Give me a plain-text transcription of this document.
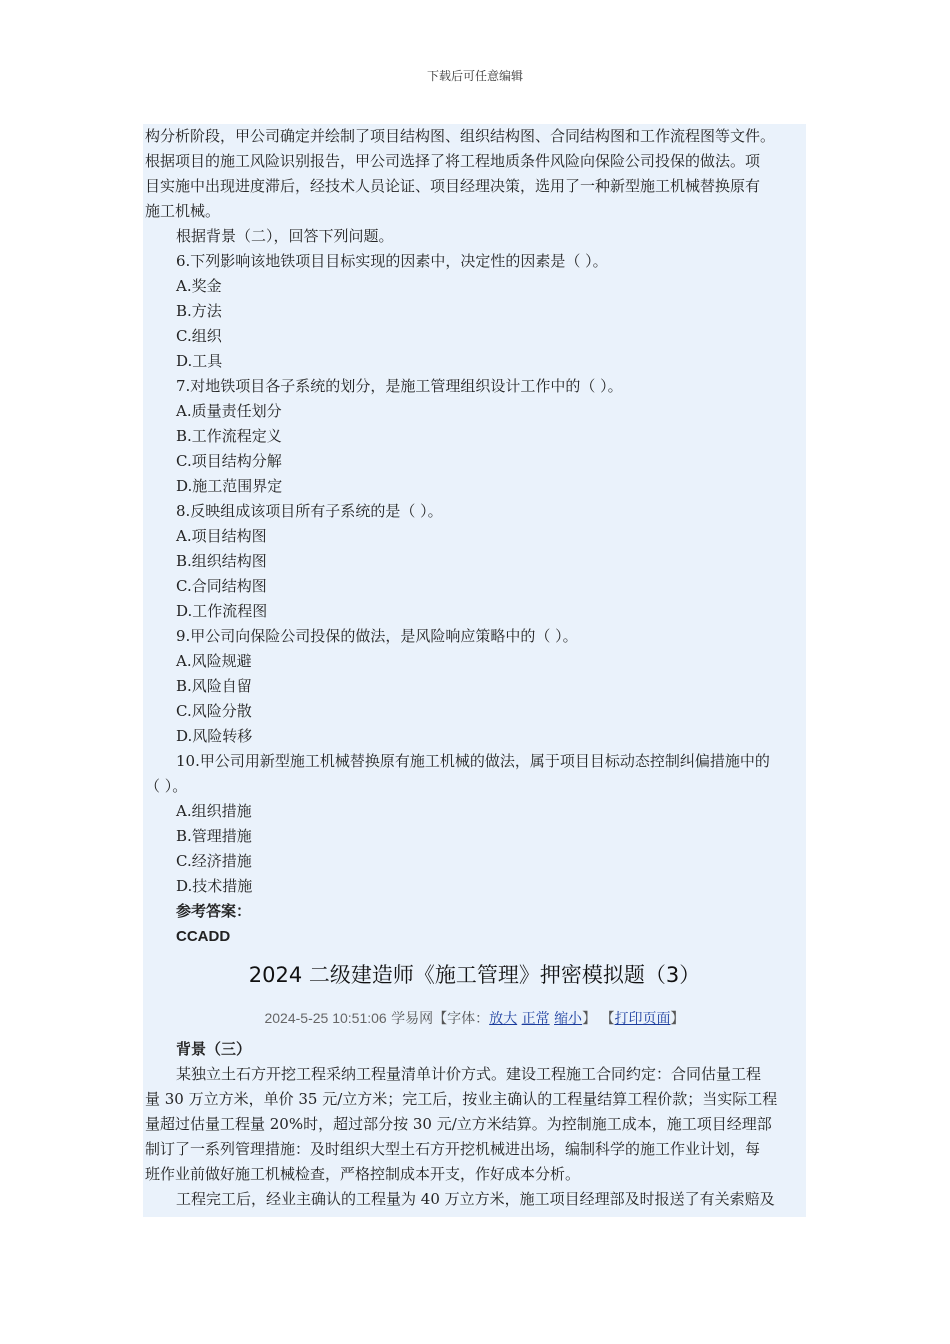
下载后可任意编辑
构分析阶段，甲公司确定并绘制了项目结构图、组织结构图、合同结构图和工作流程图等文件。
根据项目的施工风险识别报告，甲公司选择了将工程地质条件风险向保险公司投保的做法。项
目实施中出现进度滞后，经技术人员论证、项目经理决策，选用了一种新型施工机械替换原有
施工机械。
根据背景（二），回答下列问题。
6.下列影响该地铁项目目标实现的因素中，决定性的因素是（ ）。
A.奖金
B.方法
C.组织
D.工具
7.对地铁项目各子系统的划分，是施工管理组织设计工作中的（ ）。
A.质量责任划分
B.工作流程定义
C.项目结构分解
D.施工范围界定
8.反映组成该项目所有子系统的是（ ）。
A.项目结构图
B.组织结构图
C.合同结构图
D.工作流程图
9.甲公司向保险公司投保的做法，是风险响应策略中的（ ）。
A.风险规避
B.风险自留
C.风险分散
D.风险转移
10.甲公司用新型施工机械替换原有施工机械的做法，属于项目目标动态控制纠偏措施中的
（ ）。
A.组织措施
B.管理措施
C.经济措施
D.技术措施
参考答案：
CCADD
2024 二级建造师《施工管理》押密模拟题（3）
2024-5-25 10:51:06 学易网【字体：放大 正常 缩小】 【打印页面】
背景（三）
某独立土石方开挖工程采纳工程量清单计价方式。建设工程施工合同约定：合同估量工程
量 30 万立方米，单价 35 元/立方米；完工后，按业主确认的工程量结算工程价款；当实际工程
量超过估量工程量 20%时，超过部分按 30 元/立方米结算。为控制施工成本，施工项目经理部
制订了一系列管理措施：及时组织大型土石方开挖机械进出场，编制科学的施工作业计划，每
班作业前做好施工机械检查，严格控制成本开支，作好成本分析。
工程完工后，经业主确认的工程量为 40 万立方米，施工项目经理部及时报送了有关索赔及
